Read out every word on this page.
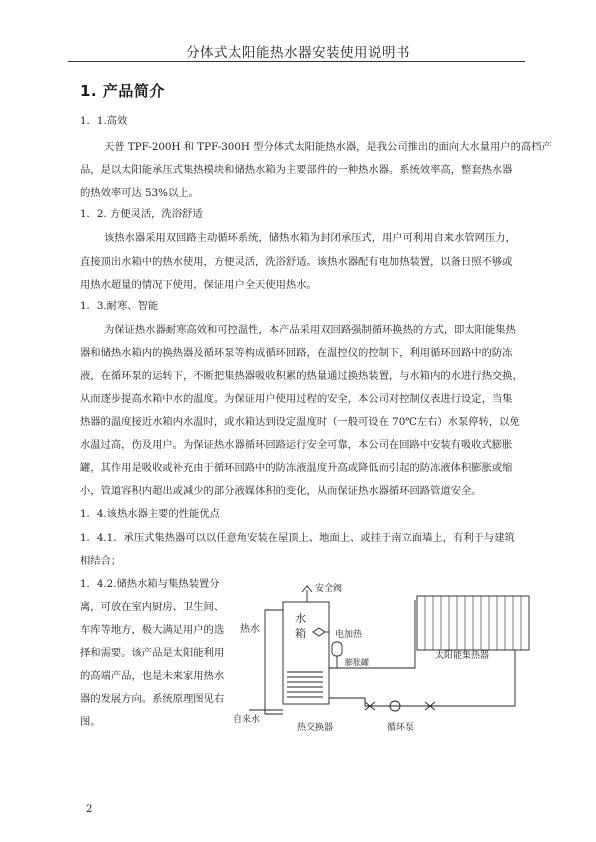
分体式太阳能热水器安装使用说明书
1. 产品简介
1．1.高效
天普 TPF-200H 和 TPF-300H 型分体式太阳能热水器，是我公司推出的面向大水量用户的高档产
品，是以太阳能承压式集热模块和储热水箱为主要部件的一种热水器。系统效率高，整套热水器
的热效率可达 53%以上。
1．2. 方便灵活，洗浴舒适
该热水器采用双回路主动循环系统，储热水箱为封闭承压式，用户可利用自来水管网压力，
直接顶出水箱中的热水使用，方便灵活，洗浴舒适。该热水器配有电加热装置，以备日照不够或
用热水超量的情况下使用，保证用户全天使用热水。
1．3.耐寒、智能
为保证热水器耐寒高效和可控温性，本产品采用双回路强制循环换热的方式，即太阳能集热
器和储热水箱内的换热器及循环泵等构成循环回路，在温控仪的控制下，利用循环回路中的防冻
液，在循环泵的运转下，不断把集热器吸收积累的热量通过换热装置，与水箱内的水进行热交换，
从而逐步提高水箱中水的温度。为保证用户使用过程的安全，本公司对控制仪表进行设定，当集
热器的温度接近水箱内水温时，或水箱达到设定温度时（一般可设在 70℃左右）水泵停转，以免
水温过高，伤及用户。为保证热水器循环回路运行安全可靠，本公司在回路中安装有吸收式膨胀
罐，其作用是吸收或补充由于循环回路中的防冻液温度升高或降低而引起的防冻液体积膨胀或缩
小，管道容积内超出或减少的部分液媒体积的变化，从而保证热水器循环回路管道安全。
1．4.该热水器主要的性能优点
1．4.1．承压式集热器可以以任意角安装在屋顶上、地面上、或挂于南立面墙上，有利于与建筑
相结合；
1．4.2.储热水箱与集热装置分
离，可放在室内厨房、卫生间、
车库等地方，极大满足用户的选
择和需要。该产品是太阳能利用
的高端产品，也是未来家用热水
器的发展方向。系统原理图见右
图。
安全阀
热水
水
箱	电加热
膨胀罐
太阳能集热器
自来水
热交换器	循环泵
2
